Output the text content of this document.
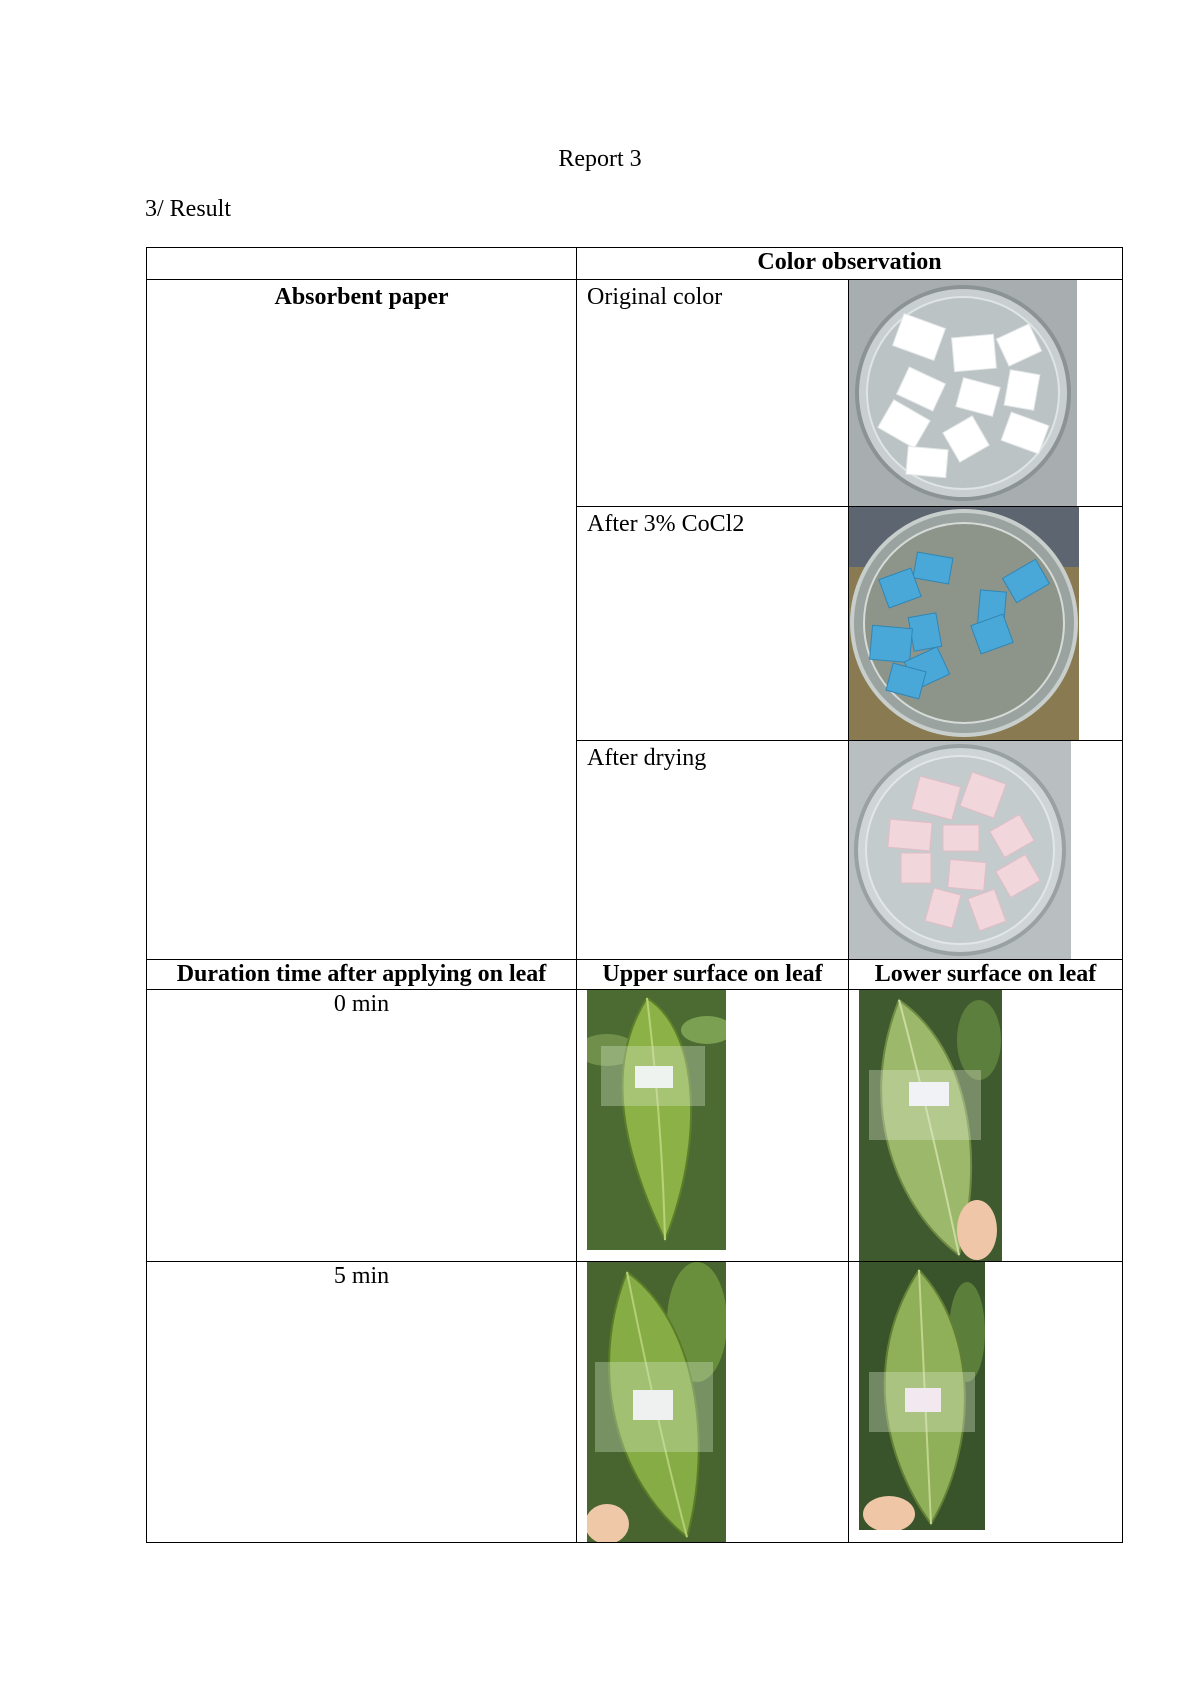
Report 3
3/ Result
	Color observation	
Absorbent paper	Original color	

	After 3% CoCl2	

	After drying	

Duration time after applying on leaf	Upper surface on leaf	Lower surface on leaf
0 min	

5 min	
